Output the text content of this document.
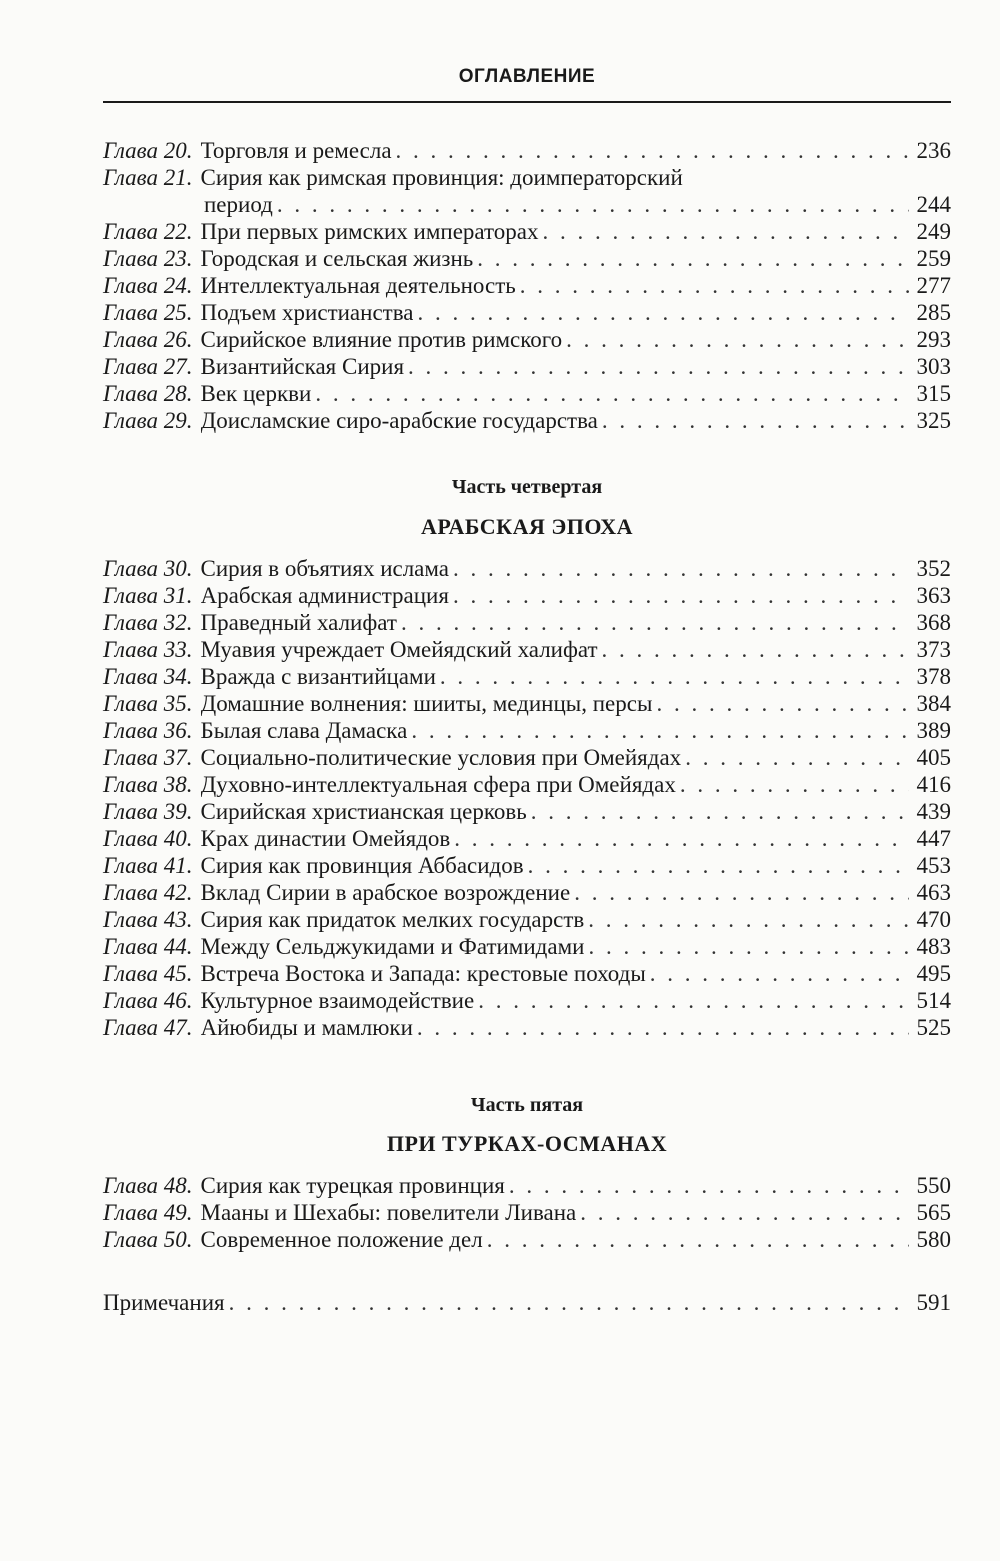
ОГЛАВЛЕНИЕ
Глава 20. Торговля и ремесла . . .	236
Глава 21. Сирия как римская провинция: доимператорский
период . . .	244
Глава 22. При первых римских императорах . . .	249
Глава 23. Городская и сельская жизнь . . .	259
Глава 24. Интеллектуальная деятельность . . .	277
Глава 25. Подъем христианства . . .	285
Глава 26. Сирийское влияние против римского . . .	293
Глава 27. Византийская Сирия . . .	303
Глава 28. Век церкви . . .	315
Глава 29. Доисламские сиро-арабские государства . . .	325
Часть четвертая
АРАБСКАЯ ЭПОХА
Глава 30. Сирия в объятиях ислама . . .	352
Глава 31. Арабская администрация . . .	363
Глава 32. Праведный халифат . . .	368
Глава 33. Муавия учреждает Омейядский халифат . . .	373
Глава 34. Вражда с византийцами . . .	378
Глава 35. Домашние волнения: шииты, мединцы, персы . . .	384
Глава 36. Былая слава Дамаска . . .	389
Глава 37. Социально-политические условия при Омейядах . . .	405
Глава 38. Духовно-интеллектуальная сфера при Омейядах . . .	416
Глава 39. Сирийская христианская церковь . . .	439
Глава 40. Крах династии Омейядов . . .	447
Глава 41. Сирия как провинция Аббасидов . . .	453
Глава 42. Вклад Сирии в арабское возрождение . . .	463
Глава 43. Сирия как придаток мелких государств . . .	470
Глава 44. Между Сельджукидами и Фатимидами . . .	483
Глава 45. Встреча Востока и Запада: крестовые походы . . .	495
Глава 46. Культурное взаимодействие . . .	514
Глава 47. Айюбиды и мамлюки . . .	525
Часть пятая
ПРИ ТУРКАХ-ОСМАНАХ
Глава 48. Сирия как турецкая провинция . . .	550
Глава 49. Мааны и Шехабы: повелители Ливана . . .	565
Глава 50. Современное положение дел . . .	580
Примечания . . .	591
